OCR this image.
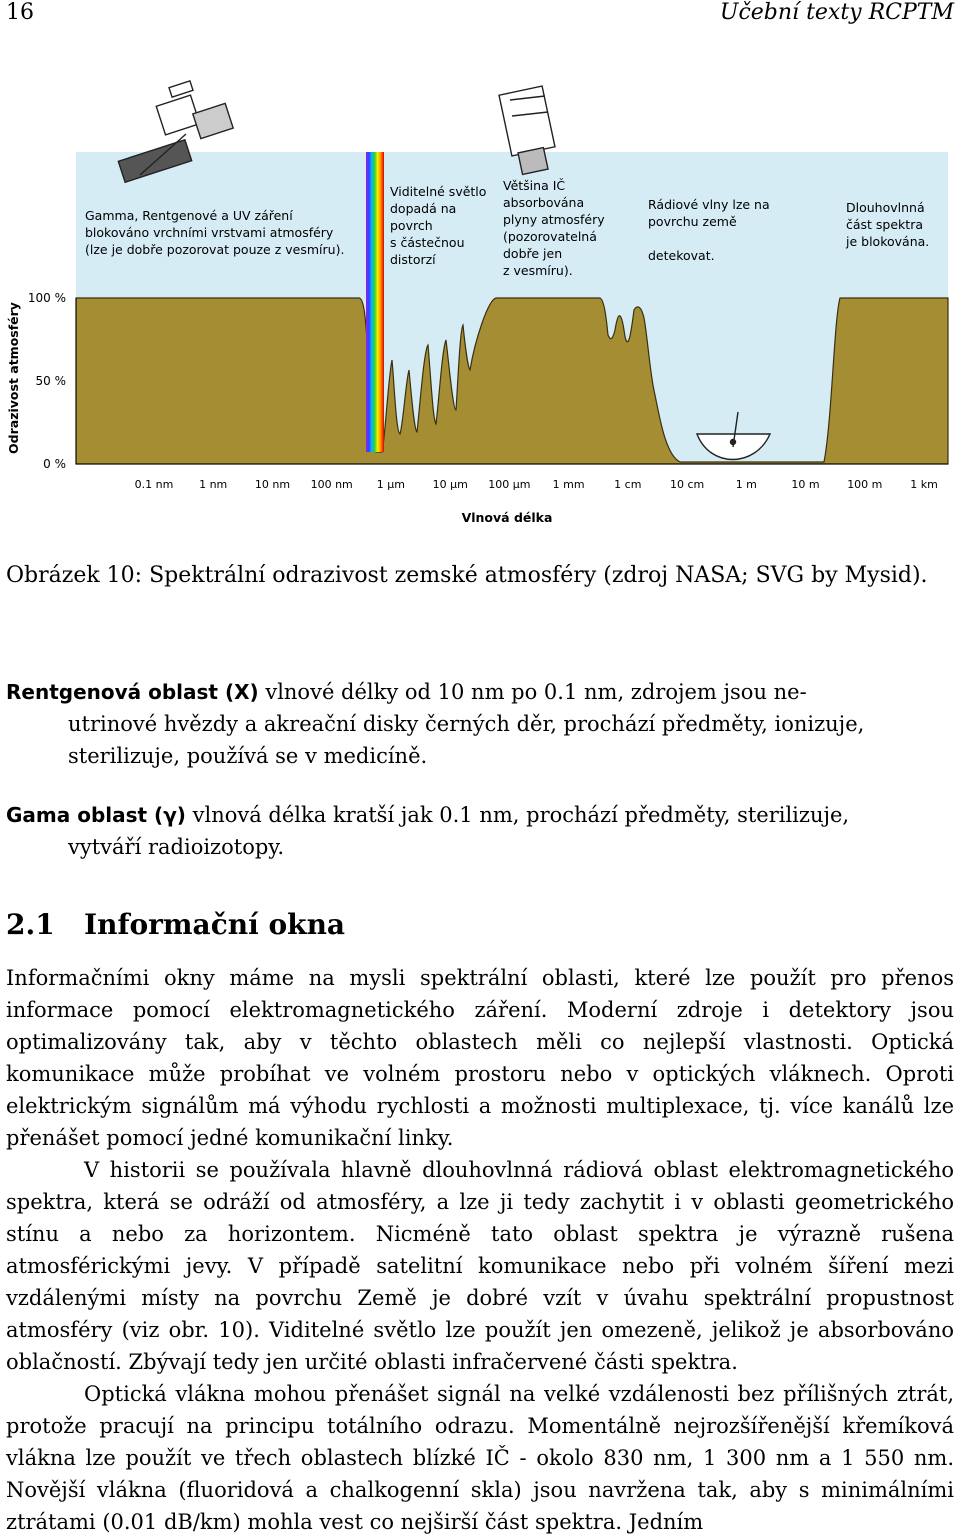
16	Učební texty RCPTM
100 %
50 %
0 %
0.1 nm 1 nm	10 nm 100 nm 1 μm	10 μm 100 μm 1 mm	1 cm	10 cm	1 m	10 m	100 m	1 km
Odrazivost atmosféry
Vlnová délka
Gamma, Rentgenové a UV záření blokováno vrchními vrstvami atmosféry (lze je dobře pozorovat pouze z vesmíru).
Viditelné světlo dopadá na povrch s částečnou distorzí
Většina IČ absorbována plyny atmosféry (pozorovatelná dobře jen z vesmíru).
Rádiové vlny lze na povrchu země detekovat.
Dlouhovlnná část spektra je blokována.
Obrázek 10: Spektrální odrazivost zemské atmosféry (zdroj NASA; SVG by Mysid).
Rentgenová oblast (X) vlnové délky od 10 nm po 0.1 nm, zdrojem jsou ne-
utrinové hvězdy a akreační disky černých děr, prochází předměty, ionizuje,
sterilizuje, používá se v medicíně.
Gama oblast (γ) vlnová délka kratší jak 0.1 nm, prochází předměty, sterilizuje,
vytváří radioizotopy.
2.1 Informační okna

Informačními okny máme na mysli spektrální oblasti, které lze použít pro přenos informace pomocí elektromagnetického záření. Moderní zdroje i detektory jsou optimalizovány tak, aby v těchto oblastech měli co nejlepší vlastnosti. Optická komunikace může probíhat ve volném prostoru nebo v optických vláknech. Oproti elektrickým signálům má výhodu rychlosti a možnosti multiplexace, tj. více kanálů lze přenášet pomocí jedné komunikační linky.

V historii se používala hlavně dlouhovlnná rádiová oblast elektromagnetického spektra, která se odráží od atmosféry, a lze ji tedy zachytit i v oblasti geometrického stínu a nebo za horizontem. Nicméně tato oblast spektra je výrazně rušena atmosférickými jevy. V případě satelitní komunikace nebo při volném šíření mezi vzdálenými místy na povrchu Země je dobré vzít v úvahu spektrální propustnost atmosféry (viz obr. 10). Viditelné světlo lze použít jen omezeně, jelikož je absorbováno oblačností. Zbývají tedy jen určité oblasti infračervené části spektra.

Optická vlákna mohou přenášet signál na velké vzdálenosti bez přílišných ztrát, protože pracují na principu totálního odrazu. Momentálně nejrozšířenější křemíková vlákna lze použít ve třech oblastech blízké IČ - okolo 830 nm, 1 300 nm a 1 550 nm. Novější vlákna (fluoridová a chalkogenní skla) jsou navržena tak, aby s minimálními ztrátami (0.01 dB/km) mohla vest co nejširší část spektra. Jedním
